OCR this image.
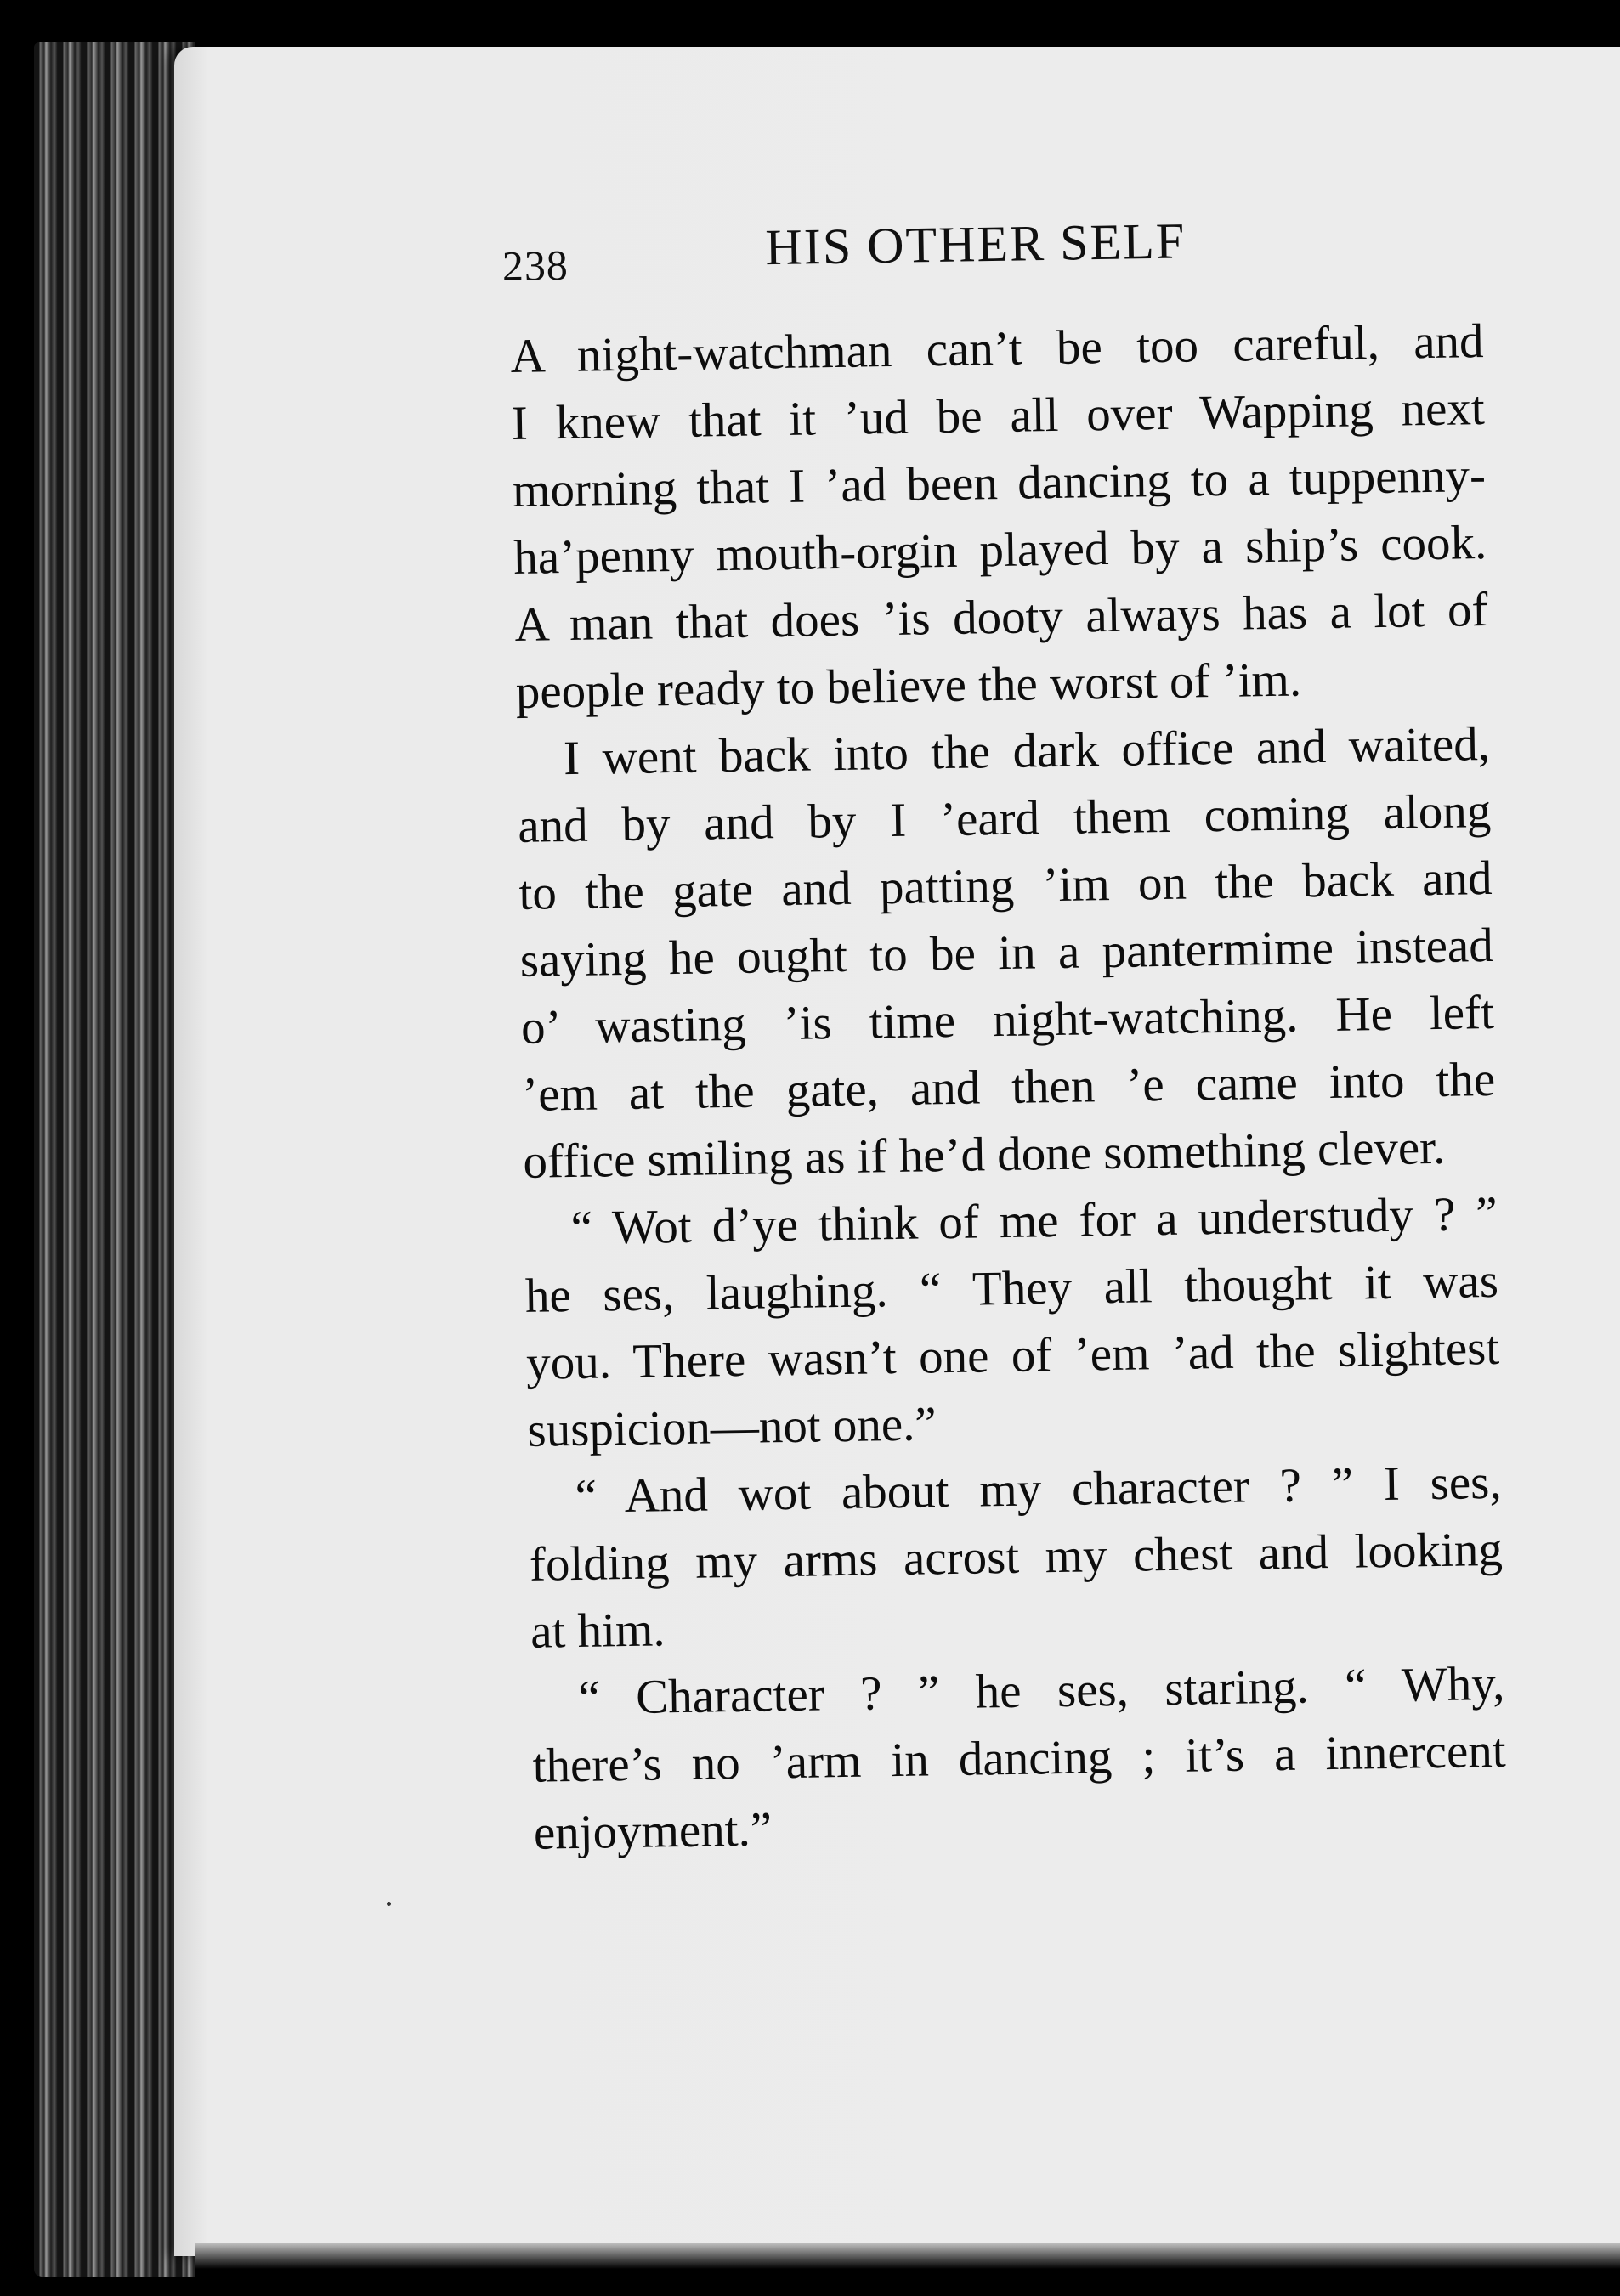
238	HIS OTHER SELF
A night-watchman can’t be too careful, and
I knew that it ’ud be all over Wapping next
morning that I ’ad been dancing to a tuppenny-
ha’penny mouth-orgin played by a ship’s cook.
A man that does ’is dooty always has a lot of
people ready to believe the worst of ’im.
I went back into the dark office and waited,
and by and by I ’eard them coming along
to the gate and patting ’im on the back and
saying he ought to be in a pantermime instead
o’ wasting ’is time night-watching. He left
’em at the gate, and then ’e came into the
office smiling as if he’d done something clever.
“ Wot d’ye think of me for a understudy ? ”
he ses, laughing. “ They all thought it was
you. There wasn’t one of ’em ’ad the slightest
suspicion—not one.”
“ And wot about my character ? ” I ses,
folding my arms acrost my chest and looking
at him.
“ Character ? ” he ses, staring. “ Why,
there’s no ’arm in dancing ; it’s a innercent
enjoyment.”
